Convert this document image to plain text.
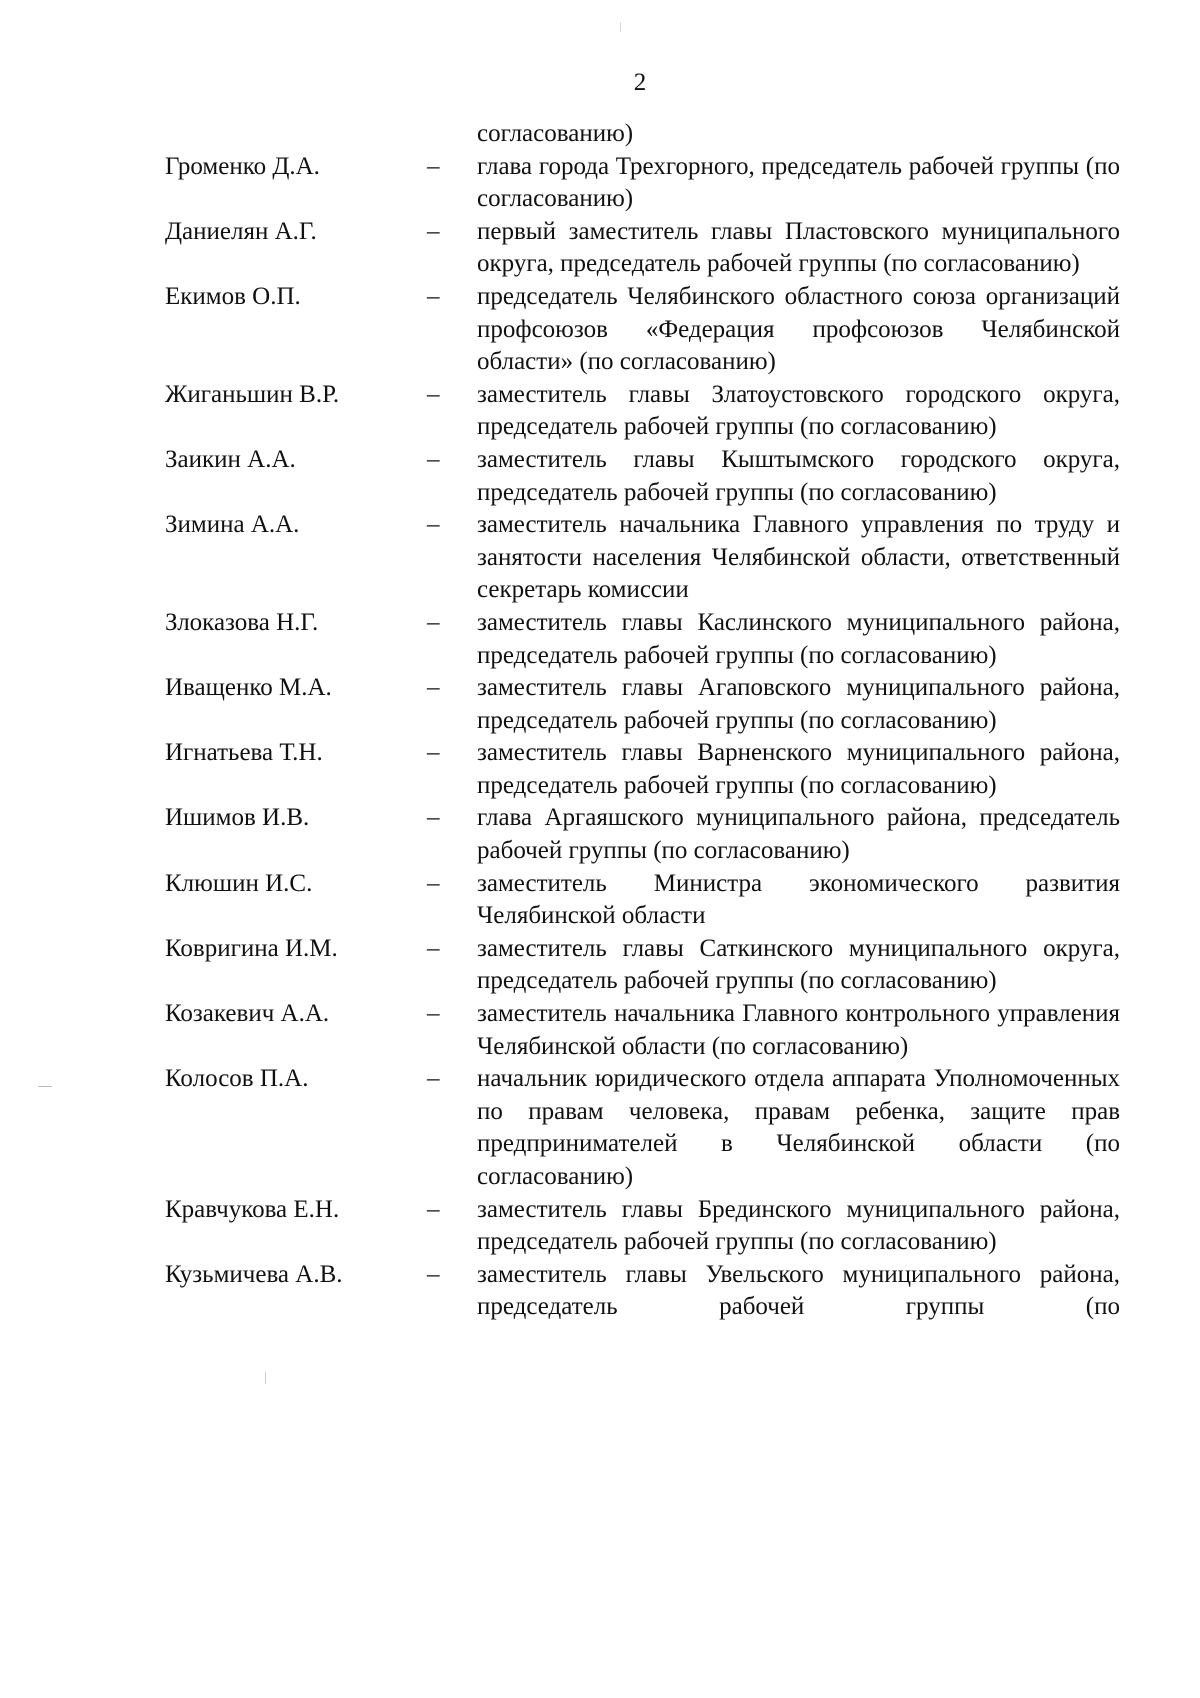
2
согласованию)
Громенко Д.А.	–	глава города Трехгорного, председатель рабочей группы (по согласованию)
Даниелян А.Г.	–	первый заместитель главы Пластовского муниципального округа, председатель рабочей группы (по согласованию)
Екимов О.П.	–	председатель Челябинского областного союза организаций профсоюзов «Федерация профсоюзов Челябинской области» (по согласованию)
Жиганьшин В.Р.	–	заместитель главы Златоустовского городского округа, председатель рабочей группы (по согласованию)
Заикин А.А.	–	заместитель главы Кыштымского городского округа, председатель рабочей группы (по согласованию)
Зимина А.А.	–	заместитель начальника Главного управления по труду и занятости населения Челябинской области, ответственный секретарь комиссии
Злоказова Н.Г.	–	заместитель главы Каслинского муниципального района, председатель рабочей группы (по согласованию)
Иващенко М.А.	–	заместитель главы Агаповского муниципального района, председатель рабочей группы (по согласованию)
Игнатьева Т.Н.	–	заместитель главы Варненского муниципального района, председатель рабочей группы (по согласованию)
Ишимов И.В.	–	глава Аргаяшского муниципального района, председатель рабочей группы (по согласованию)
Клюшин И.С.	–	заместитель Министра экономического развития Челябинской области
Ковригина И.М.	–	заместитель главы Саткинского муниципального округа, председатель рабочей группы (по согласованию)
Козакевич А.А.	–	заместитель начальника Главного контрольного управления Челябинской области (по согласованию)
Колосов П.А.	–	начальник юридического отдела аппарата Уполномоченных по правам человека, правам ребенка, защите прав предпринимателей в Челябинской области (по согласованию)
Кравчукова Е.Н.	–	заместитель главы Брединского муниципального района, председатель рабочей группы (по согласованию)
Кузьмичева А.В.	–	заместитель главы Увельского муниципального района, председатель рабочей группы (по
